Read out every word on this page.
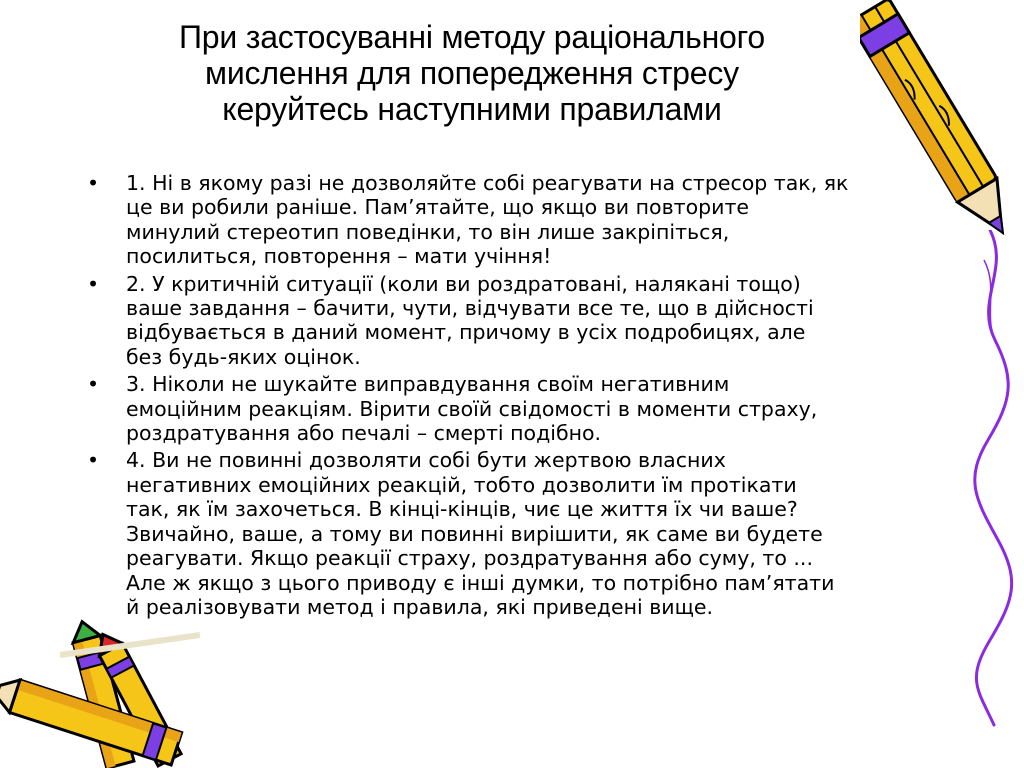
При застосуванні методу раціонального
мислення для попередження стресу
керуйтесь наступними правилами
• 1. Ні в якому разі не дозволяйте собі реагувати на стресор так, як
це ви робили раніше. Пам’ятайте, що якщо ви повторите
минулий стереотип поведінки, то він лише закріпіться,
посилиться, повторення – мати учіння!
• 2. У критичній ситуації (коли ви роздратовані, налякані тощо)
ваше завдання – бачити, чути, відчувати все те, що в дійсності
відбувається в даний момент, причому в усіх подробицях, але
без будь-яких оцінок.
• 3. Ніколи не шукайте виправдування своїм негативним
емоційним реакціям. Вірити своїй свідомості в моменти страху,
роздратування або печалі – смерті подібно.
• 4. Ви не повинні дозволяти собі бути жертвою власних
негативних емоційних реакцій, тобто дозволити їм протікати
так, як їм захочеться. В кінці-кінців, чиє це життя їх чи ваше?
Звичайно, ваше, а тому ви повинні вирішити, як саме ви будете
реагувати. Якщо реакції страху, роздратування або суму, то ...
Але ж якщо з цього приводу є інші думки, то потрібно пам’ятати
й реалізовувати метод і правила, які приведені вище.
